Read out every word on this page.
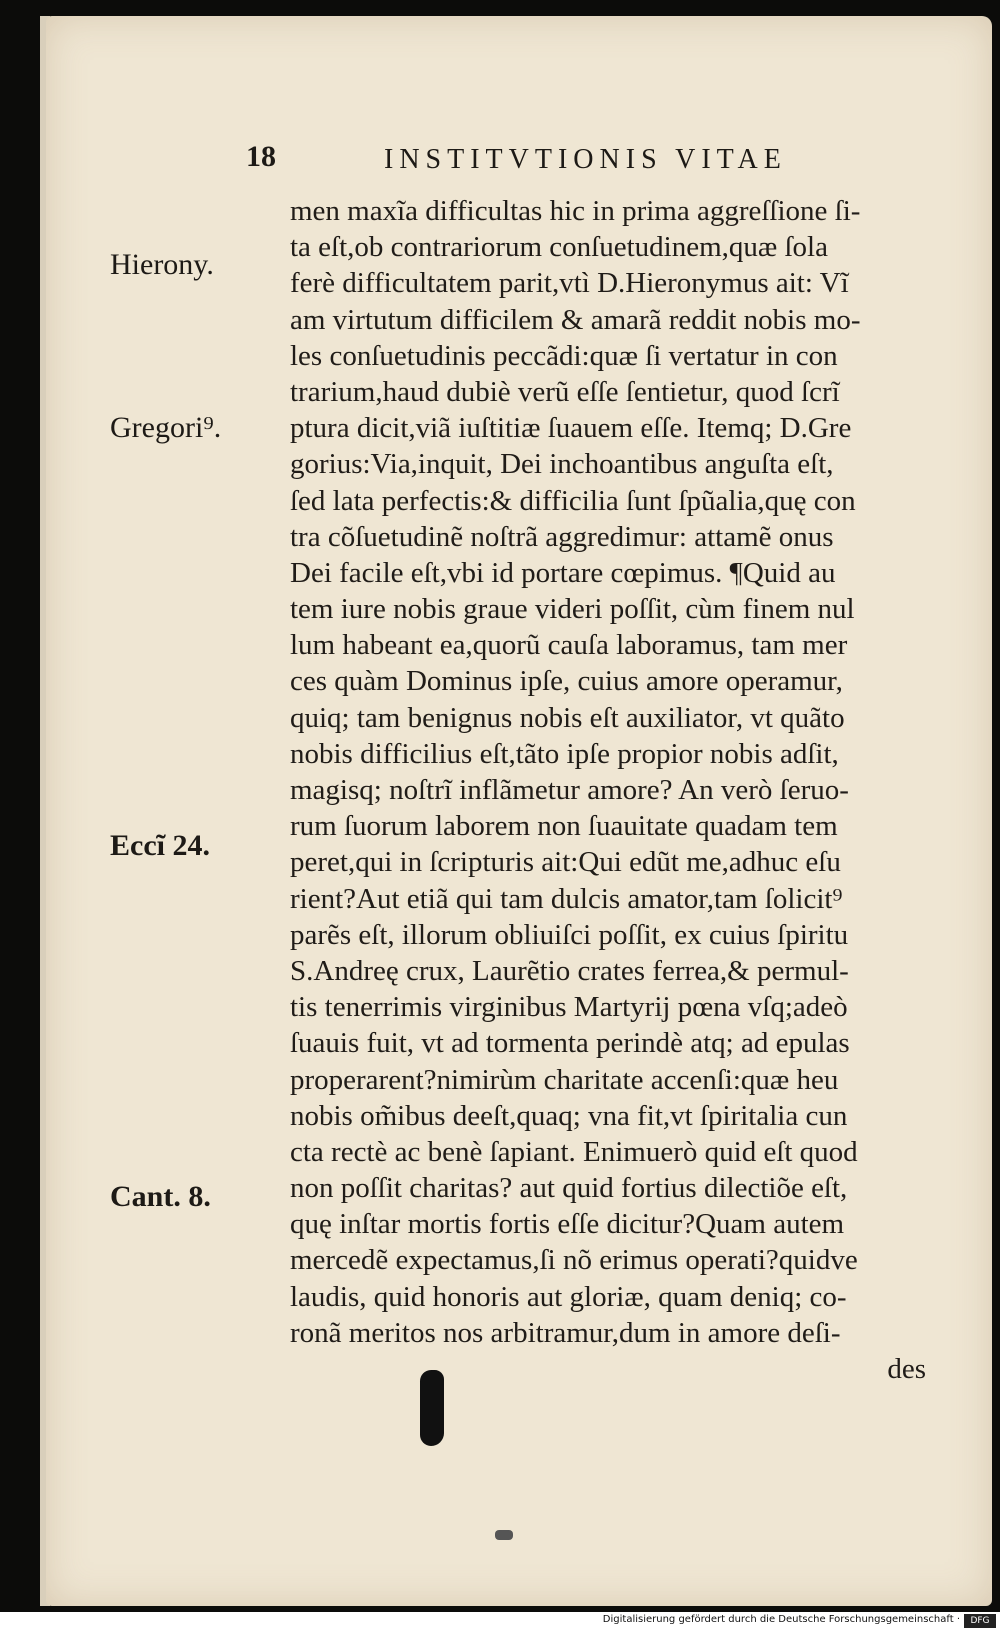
18	INSTITVTIONIS VITAE
Hierony.
Gregori⁹.
Eccĩ 24.
Cant. 8.
men maxĩa difficultas hic in prima aggreſſione ſi-
ta eſt,ob contrariorum conſuetudinem,quæ ſola
ferè difficultatem parit,vtì D.Hieronymus ait: Vĩ
am virtutum difficilem & amarã reddit nobis mo-
les conſuetudinis peccãdi:quæ ſi vertatur in con
trarium,haud dubiè verũ eſſe ſentietur, quod ſcrĩ
ptura dicit,viã iuſtitiæ ſuauem eſſe. Itemq; D.Gre
gorius:Via,inquit, Dei inchoantibus anguſta eſt,
ſed lata perfectis:& difficilia ſunt ſpũalia,quę con
tra cõſuetudinẽ noſtrã aggredimur: attamẽ onus
Dei facile eſt,vbi id portare cœpimus. ¶Quid au
tem iure nobis graue videri poſſit, cùm finem nul
lum habeant ea,quorũ cauſa laboramus, tam mer
ces quàm Dominus ipſe, cuius amore operamur,
quiq; tam benignus nobis eſt auxiliator, vt quãto
nobis difficilius eſt,tãto ipſe propior nobis adſit,
magisq; noſtrĩ inflãmetur amore? An verò ſeruo-
rum ſuorum laborem non ſuauitate quadam tem
peret,qui in ſcripturis ait:Qui edũt me,adhuc eſu
rient?Aut etiã qui tam dulcis amator,tam ſolicit⁹
parẽs eſt, illorum obliuiſci poſſit, ex cuius ſpiritu
S.Andreę crux, Laurẽtio crates ferrea,& permul-
tis tenerrimis virginibus Martyrij pœna vſq;adeò
ſuauis fuit, vt ad tormenta perindè atq; ad epulas
properarent?nimirùm charitate accenſi:quæ heu
nobis om̃ibus deeſt,quaq; vna fit,vt ſpiritalia cun
cta rectè ac benè ſapiant. Enimuerò quid eſt quod
non poſſit charitas? aut quid fortius dilectiõe eſt,
quę inſtar mortis fortis eſſe dicitur?Quam autem
mercedẽ expectamus,ſi nõ erimus operati?quidve
laudis, quid honoris aut gloriæ, quam deniq; co-
ronã meritos nos arbitramur,dum in amore deſi-
des
Digitalisierung gefördert durch die Deutsche Forschungsgemeinschaft ·	DFG
